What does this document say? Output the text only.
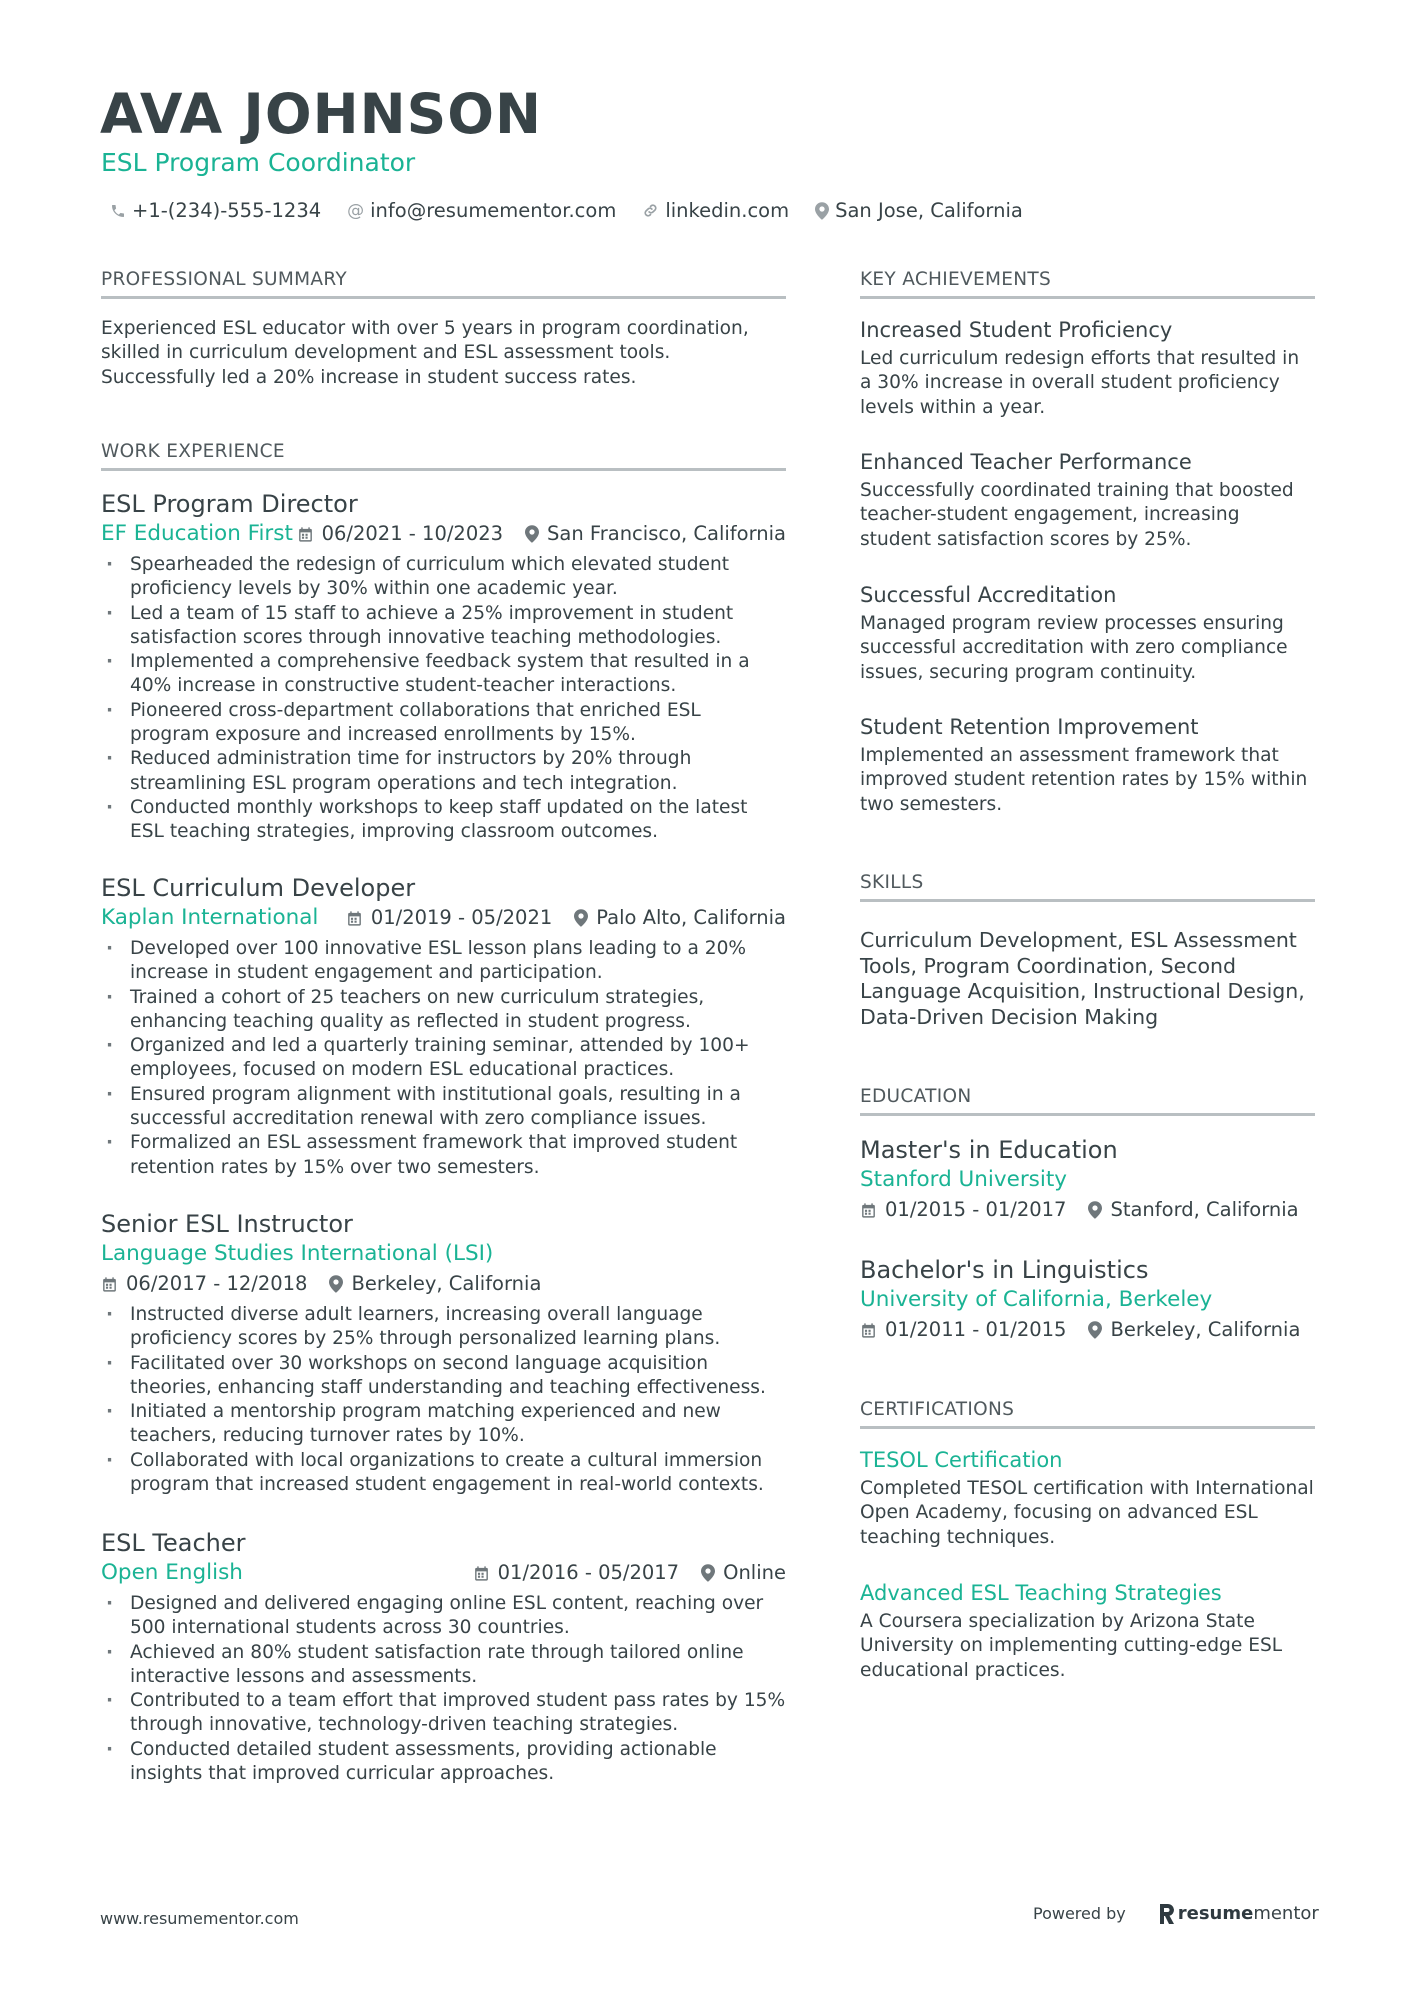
AVA JOHNSON
ESL Program Coordinator
+1-(234)-555-1234 @ info@resumementor.com	linkedin.com San Jose, California
PROFESSIONAL SUMMARY
Experienced ESL educator with over 5 years in program coordination, skilled in curriculum development and ESL assessment tools. Successfully led a 20% increase in student success rates.
WORK EXPERIENCE
ESL Program Director
EF Education First 06/2021 - 10/2023 San Francisco, California
· Spearheaded the redesign of curriculum which elevated student proficiency levels by 30% within one academic year.
· Led a team of 15 staff to achieve a 25% improvement in student satisfaction scores through innovative teaching methodologies.
· Implemented a comprehensive feedback system that resulted in a 40% increase in constructive student-teacher interactions.
· Pioneered cross-department collaborations that enriched ESL program exposure and increased enrollments by 15%.
· Reduced administration time for instructors by 20% through streamlining ESL program operations and tech integration.
· Conducted monthly workshops to keep staff updated on the latest ESL teaching strategies, improving classroom outcomes.
ESL Curriculum Developer
Kaplan International	01/2019 - 05/2021 Palo Alto, California
· Developed over 100 innovative ESL lesson plans leading to a 20% increase in student engagement and participation.
· Trained a cohort of 25 teachers on new curriculum strategies, enhancing teaching quality as reflected in student progress.
· Organized and led a quarterly training seminar, attended by 100+ employees, focused on modern ESL educational practices.
· Ensured program alignment with institutional goals, resulting in a successful accreditation renewal with zero compliance issues.
· Formalized an ESL assessment framework that improved student retention rates by 15% over two semesters.
Senior ESL Instructor
Language Studies International (LSI)
06/2017 - 12/2018 Berkeley, California
· Instructed diverse adult learners, increasing overall language proficiency scores by 25% through personalized learning plans.
· Facilitated over 30 workshops on second language acquisition theories, enhancing staff understanding and teaching effectiveness.
· Initiated a mentorship program matching experienced and new teachers, reducing turnover rates by 10%.
· Collaborated with local organizations to create a cultural immersion program that increased student engagement in real-world contexts.
ESL Teacher
Open English	01/2016 - 05/2017 Online
· Designed and delivered engaging online ESL content, reaching over 500 international students across 30 countries.
· Achieved an 80% student satisfaction rate through tailored online interactive lessons and assessments.
· Contributed to a team effort that improved student pass rates by 15% through innovative, technology-driven teaching strategies.
· Conducted detailed student assessments, providing actionable insights that improved curricular approaches.
KEY ACHIEVEMENTS
Increased Student Proficiency
Led curriculum redesign efforts that resulted in a 30% increase in overall student proficiency levels within a year.
Enhanced Teacher Performance
Successfully coordinated training that boosted teacher-student engagement, increasing student satisfaction scores by 25%.
Successful Accreditation
Managed program review processes ensuring successful accreditation with zero compliance issues, securing program continuity.
Student Retention Improvement
Implemented an assessment framework that improved student retention rates by 15% within two semesters.
SKILLS
Curriculum Development, ESL Assessment Tools, Program Coordination, Second Language Acquisition, Instructional Design, Data-Driven Decision Making
EDUCATION
Master's in Education
Stanford University
01/2015 - 01/2017 Stanford, California
Bachelor's in Linguistics
University of California, Berkeley
01/2011 - 01/2015 Berkeley, California
CERTIFICATIONS
TESOL Certification
Completed TESOL certification with International Open Academy, focusing on advanced ESL teaching techniques.
Advanced ESL Teaching Strategies
A Coursera specialization by Arizona State University on implementing cutting-edge ESL educational practices.
www.resumementor.com	Powered by	resume mentor
